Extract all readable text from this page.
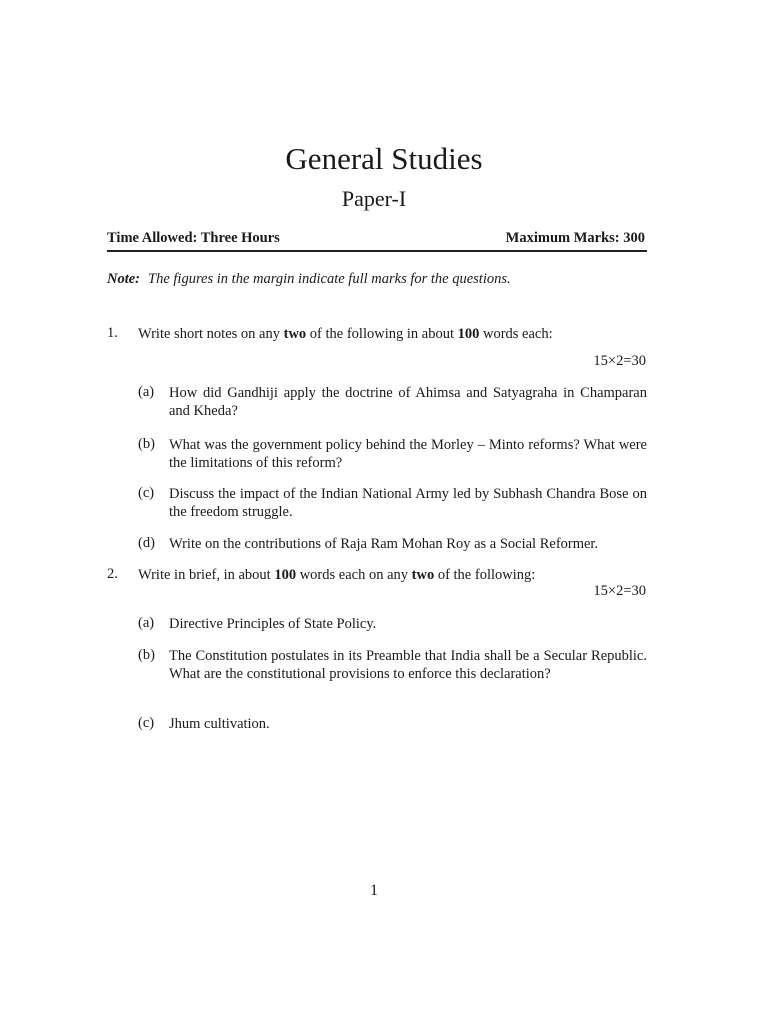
General Studies
Paper-I
Time Allowed: Three Hours	Maximum Marks: 300
Note: The figures in the margin indicate full marks for the questions.
1. Write short notes on any two of the following in about 100 words each:
15×2=30
(a) How did Gandhiji apply the doctrine of Ahimsa and Satyagraha in Champaran and Kheda?
(b) What was the government policy behind the Morley – Minto reforms? What were the limitations of this reform?
(c) Discuss the impact of the Indian National Army led by Subhash Chandra Bose on the freedom struggle.
(d) Write on the contributions of Raja Ram Mohan Roy as a Social Reformer.
2. Write in brief, in about 100 words each on any two of the following:
15×2=30
(a) Directive Principles of State Policy.
(b) The Constitution postulates in its Preamble that India shall be a Secular Republic. What are the constitutional provisions to enforce this declaration?
(c) Jhum cultivation.
1
